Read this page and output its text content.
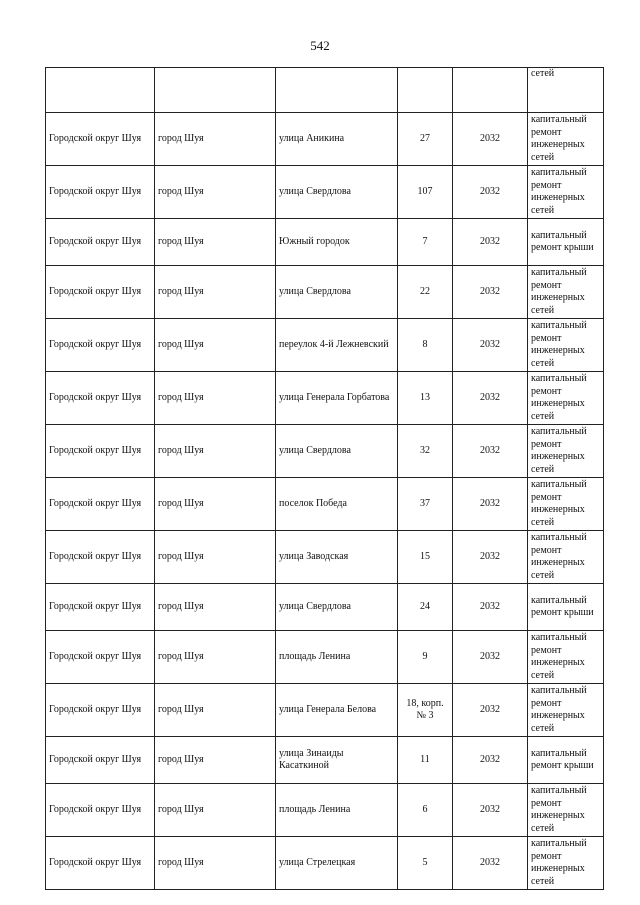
542
					сетей
Городской округ Шуя	город Шуя	улица Аникина	27	2032	капитальный ремонт инженерных сетей
Городской округ Шуя	город Шуя	улица Свердлова	107	2032	капитальный ремонт инженерных сетей
Городской округ Шуя	город Шуя	Южный городок	7	2032	капитальный ремонт крыши
Городской округ Шуя	город Шуя	улица Свердлова	22	2032	капитальный ремонт инженерных сетей
Городской округ Шуя	город Шуя	переулок 4-й Лежневский	8	2032	капитальный ремонт инженерных сетей
Городской округ Шуя	город Шуя	улица Генерала Горбатова	13	2032	капитальный ремонт инженерных сетей
Городской округ Шуя	город Шуя	улица Свердлова	32	2032	капитальный ремонт инженерных сетей
Городской округ Шуя	город Шуя	поселок Победа	37	2032	капитальный ремонт инженерных сетей
Городской округ Шуя	город Шуя	улица Заводская	15	2032	капитальный ремонт инженерных сетей
Городской округ Шуя	город Шуя	улица Свердлова	24	2032	капитальный ремонт крыши
Городской округ Шуя	город Шуя	площадь Ленина	9	2032	капитальный ремонт инженерных сетей
Городской округ Шуя	город Шуя	улица Генерала Белова	18, корп. № 3	2032	капитальный ремонт инженерных сетей
Городской округ Шуя	город Шуя	улица Зинаиды Касаткиной	11	2032	капитальный ремонт крыши
Городской округ Шуя	город Шуя	площадь Ленина	6	2032	капитальный ремонт инженерных сетей
Городской округ Шуя	город Шуя	улица Стрелецкая	5	2032	капитальный ремонт инженерных сетей
